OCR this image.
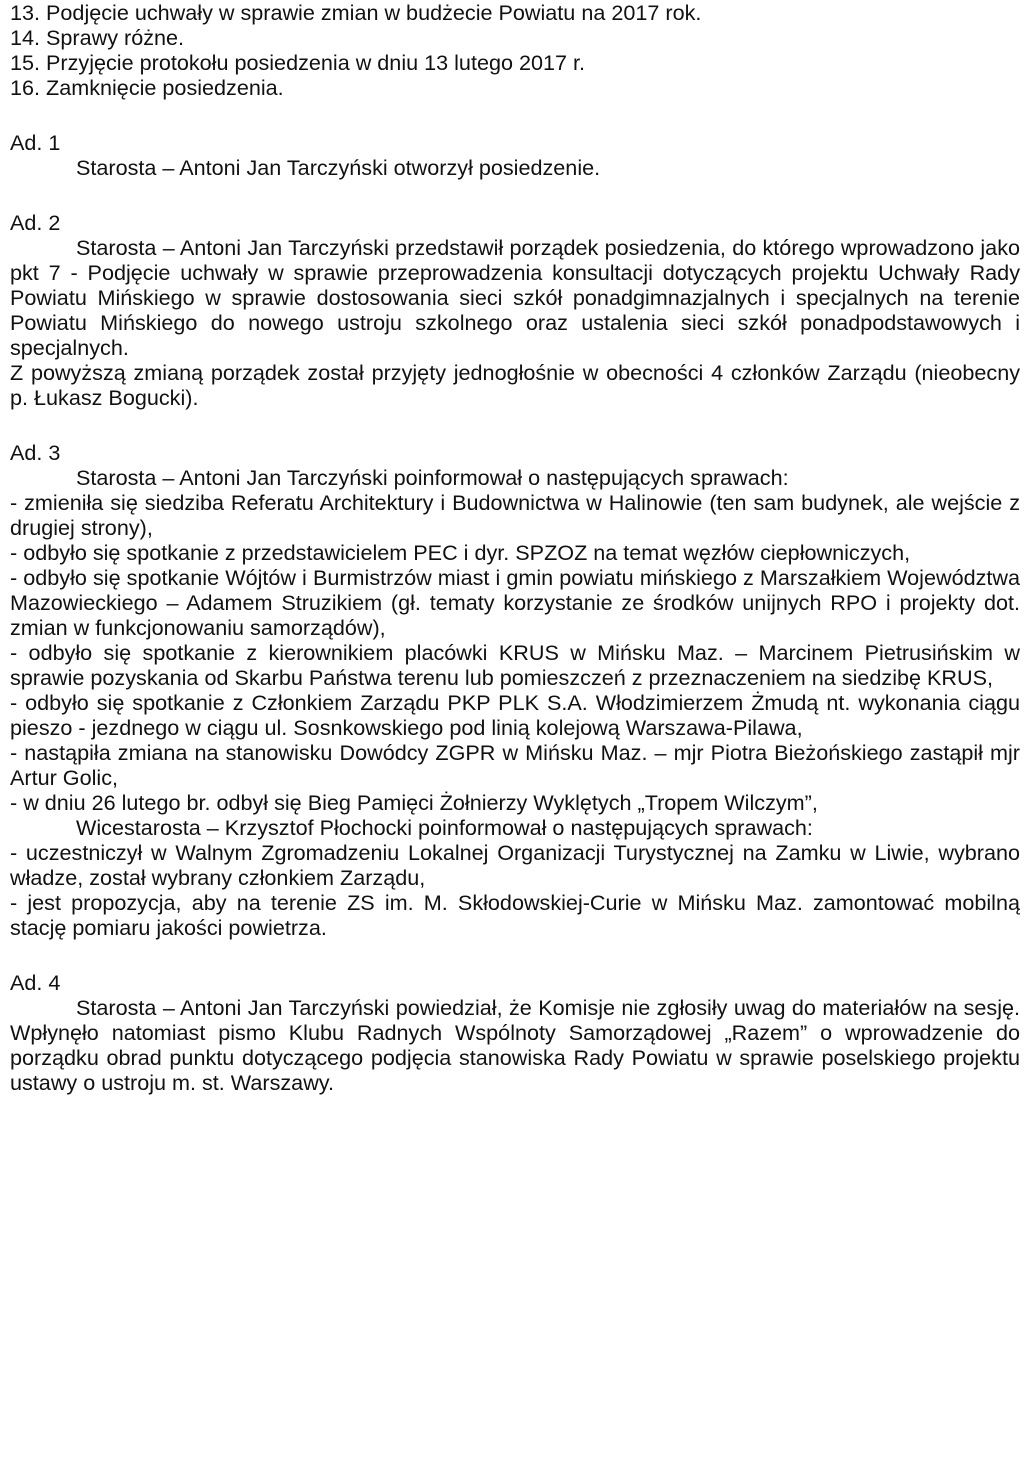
13. Podjęcie uchwały w sprawie zmian w budżecie Powiatu na 2017 rok.
14. Sprawy różne.
15. Przyjęcie protokołu posiedzenia w dniu 13 lutego 2017 r.
16. Zamknięcie posiedzenia.

Ad. 1

Starosta – Antoni Jan Tarczyński otworzył posiedzenie.

Ad. 2

Starosta – Antoni Jan Tarczyński przedstawił porządek posiedzenia, do którego wprowadzono jako pkt 7 - Podjęcie uchwały w sprawie przeprowadzenia konsultacji dotyczących projektu Uchwały Rady Powiatu Mińskiego w sprawie dostosowania sieci szkół ponadgimnazjalnych i specjalnych na terenie Powiatu Mińskiego do nowego ustroju szkolnego oraz ustalenia sieci szkół ponadpodstawowych i specjalnych.

Z powyższą zmianą porządek został przyjęty jednogłośnie w obecności 4 członków Zarządu (nieobecny p. Łukasz Bogucki).

Ad. 3

Starosta – Antoni Jan Tarczyński poinformował o następujących sprawach:

- zmieniła się siedziba Referatu Architektury i Budownictwa w Halinowie (ten sam budynek, ale wejście z drugiej strony),

- odbyło się spotkanie z przedstawicielem PEC i dyr. SPZOZ na temat węzłów ciepłowniczych,

- odbyło się spotkanie Wójtów i Burmistrzów miast i gmin powiatu mińskiego z Marszałkiem Województwa Mazowieckiego – Adamem Struzikiem (gł. tematy korzystanie ze środków unijnych RPO i projekty dot. zmian w funkcjonowaniu samorządów),

- odbyło się spotkanie z kierownikiem placówki KRUS w Mińsku Maz. – Marcinem Pietrusińskim w sprawie pozyskania od Skarbu Państwa terenu lub pomieszczeń z przeznaczeniem na siedzibę KRUS,

- odbyło się spotkanie z Członkiem Zarządu PKP PLK S.A. Włodzimierzem Żmudą nt. wykonania ciągu pieszo - jezdnego w ciągu ul. Sosnkowskiego pod linią kolejową Warszawa-Pilawa,

- nastąpiła zmiana na stanowisku Dowódcy ZGPR w Mińsku Maz. – mjr Piotra Bieżońskiego zastąpił mjr Artur Golic,

- w dniu 26 lutego br. odbył się Bieg Pamięci Żołnierzy Wyklętych „Tropem Wilczym”,

Wicestarosta – Krzysztof Płochocki poinformował o następujących sprawach:

- uczestniczył w Walnym Zgromadzeniu Lokalnej Organizacji Turystycznej na Zamku w Liwie, wybrano władze, został wybrany członkiem Zarządu,

- jest propozycja, aby na terenie ZS im. M. Skłodowskiej-Curie w Mińsku Maz. zamontować mobilną stację pomiaru jakości powietrza.

Ad. 4

Starosta – Antoni Jan Tarczyński powiedział, że Komisje nie zgłosiły uwag do materiałów na sesję. Wpłynęło natomiast pismo Klubu Radnych Wspólnoty Samorządowej „Razem” o wprowadzenie do porządku obrad punktu dotyczącego podjęcia stanowiska Rady Powiatu w sprawie poselskiego projektu ustawy o ustroju m. st. Warszawy.
